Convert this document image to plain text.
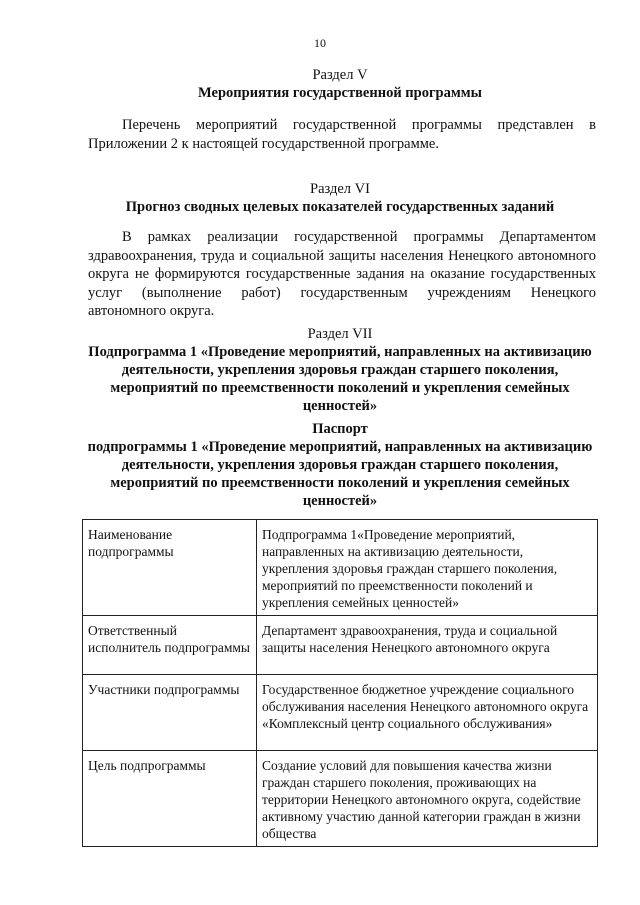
10
Раздел V
Мероприятия государственной программы
Перечень мероприятий государственной программы представлен в Приложении 2 к настоящей государственной программе.
Раздел VI
Прогноз сводных целевых показателей государственных заданий
В рамках реализации государственной программы Департаментом здравоохранения, труда и социальной защиты населения Ненецкого автономного округа не формируются государственные задания на оказание государственных услуг (выполнение работ) государственным учреждениям Ненецкого автономного округа.
Раздел VII
Подпрограмма 1 «Проведение мероприятий, направленных на активизацию деятельности, укрепления здоровья граждан старшего поколения, мероприятий по преемственности поколений и укрепления семейных ценностей»
Паспорт
подпрограммы 1 «Проведение мероприятий, направленных на активизацию деятельности, укрепления здоровья граждан старшего поколения, мероприятий по преемственности поколений и укрепления семейных ценностей»
Наименование подпрограммы	Подпрограмма 1«Проведение мероприятий, направленных на активизацию деятельности, укрепления здоровья граждан старшего поколения, мероприятий по преемственности поколений и укрепления семейных ценностей»
Ответственный исполнитель подпрограммы	Департамент здравоохранения, труда и социальной защиты населения Ненецкого автономного округа
Участники подпрограммы	Государственное бюджетное учреждение социального обслуживания населения Ненецкого автономного округа «Комплексный центр социального обслуживания»
Цель подпрограммы	Создание условий для повышения качества жизни граждан старшего поколения, проживающих на территории Ненецкого автономного округа, содействие активному участию данной категории граждан в жизни общества
